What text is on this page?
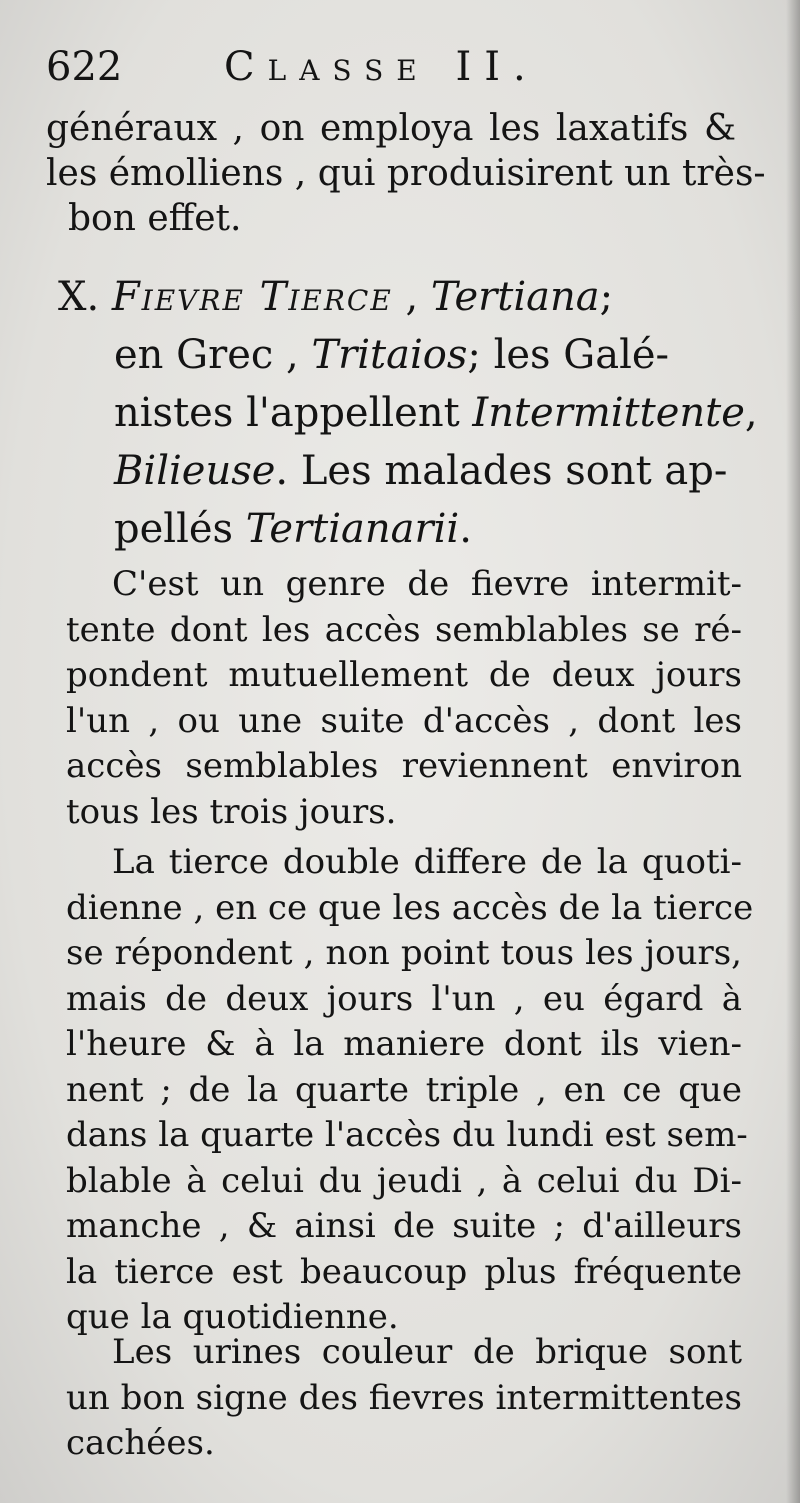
622	Classe II.
généraux , on employa les laxatifs &
les émolliens , qui produisirent un très-
bon effet.
X. Fievre Tierce , Tertiana;
en Grec , Tritaios; les Galé-
nistes l'appellent Intermittente,
Bilieuse. Les malades sont ap-
pellés Tertianarii.
C'est un genre de fievre intermit-
tente dont les accès semblables se ré-
pondent mutuellement de deux jours
l'un , ou une suite d'accès , dont les
accès semblables reviennent environ
tous les trois jours.
La tierce double differe de la quoti-
dienne , en ce que les accès de la tierce
se répondent , non point tous les jours,
mais de deux jours l'un , eu égard à
l'heure & à la maniere dont ils vien-
nent ; de la quarte triple , en ce que
dans la quarte l'accès du lundi est sem-
blable à celui du jeudi , à celui du Di-
manche , & ainsi de suite ; d'ailleurs
la tierce est beaucoup plus fréquente
que la quotidienne.
Les urines couleur de brique sont
un bon signe des fievres intermittentes
cachées.
